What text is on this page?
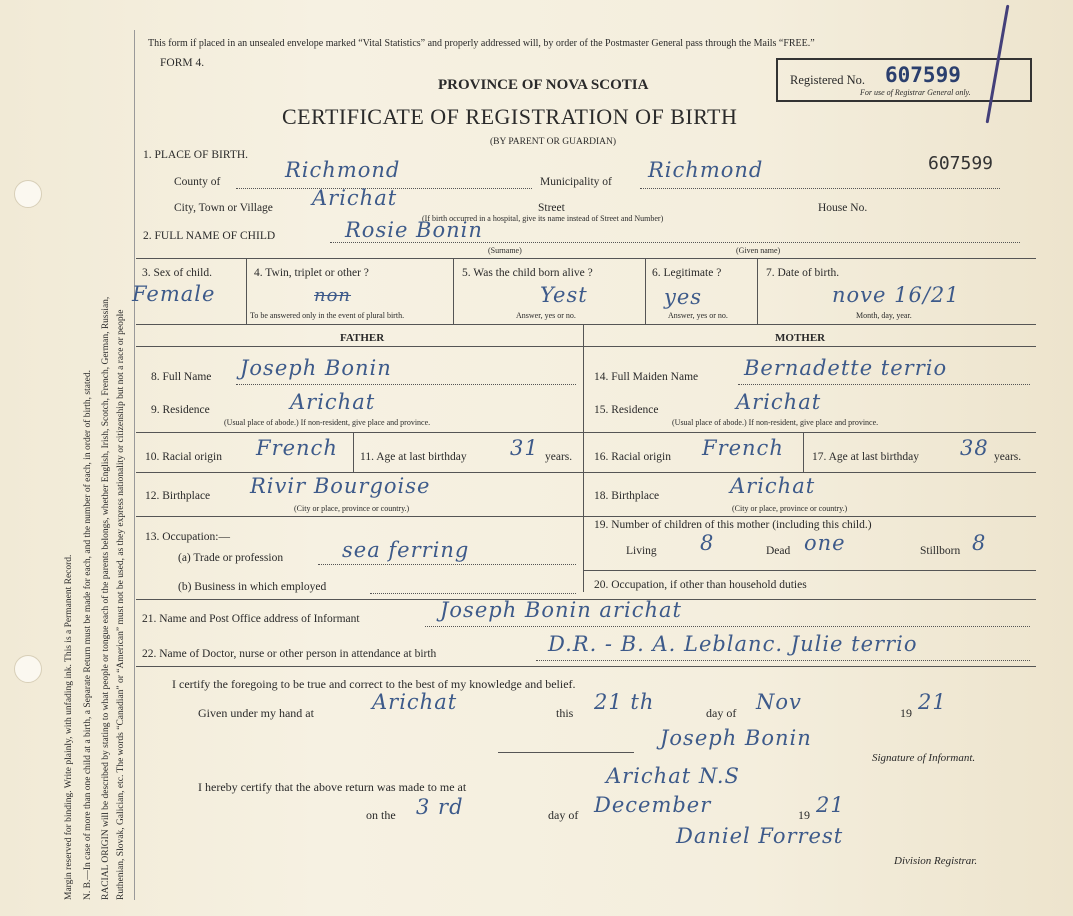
Margin reserved for binding. Write plainly, with unfading ink. This is a Permanent Record. N. B.—In case of more than one child at a birth, a Separate Return must be made for each, and the number of each, in order of birth, stated. RACIAL ORIGIN will be described by stating to what people or tongue each of the parents belongs, whether English, Irish, Scotch, French, German, Russian, Ruthenian, Slovak, Galician, etc. The words “Canadian” or “American” must not be used, as they express nationality or citizenship but not a race or people
This form if placed in an unsealed envelope marked “Vital Statistics” and properly addressed will, by order of the Postmaster General pass through the Mails “FREE.”
FORM 4.
PROVINCE OF NOVA SCOTIA
CERTIFICATE OF REGISTRATION OF BIRTH
(BY PARENT OR GUARDIAN)
Registered No. 607599
For use of Registrar General only.
607599
1. PLACE OF BIRTH.
County of	Richmond	Municipality of Richmond
City, Town or Village Arichat	Street	House No.
(If birth occurred in a hospital, give its name instead of Street and Number)
2. FULL NAME OF CHILD	Rosie Bonin
(Surname)	(Given name)
3. Sex of child.
Female
4. Twin, triplet or other ?
non
To be answered only in the event of plural birth.
5. Was the child born alive ?
Yest
Answer, yes or no.
6. Legitimate ?
yes
Answer, yes or no.
7. Date of birth.
nove 16/21
Month, day, year.
FATHER	MOTHER
8. Full Name Joseph Bonin
9. Residence	Arichat
(Usual place of abode.) If non-resident, give place and province.
10. Racial origin French 11. Age at last birthday 31 years.
12. Birthplace Rivir Bourgoise
(City or place, province or country.)
13. Occupation:—
(a) Trade or profession	sea ferring
(b) Business in which employed
14. Full Maiden Name Bernadette terrio
15. Residence	Arichat
(Usual place of abode.) If non-resident, give place and province.
16. Racial origin French 17. Age at last birthday 38 years.
18. Birthplace	Arichat
(City or place, province or country.)
19. Number of children of this mother (including this child.)
Living 8	Dead one	Stillborn 8
20. Occupation, if other than household duties
21. Name and Post Office address of Informant	Joseph Bonin arichat
22. Name of Doctor, nurse or other person in attendance at birth	D.R. - B. A. Leblanc. Julie terrio
I certify the foregoing to be true and correct to the best of my knowledge and belief.
Given under my hand at	Arichat	this 21 th	day of Nov	19 21
Joseph Bonin
Signature of Informant.
I hereby certify that the above return was made to me at	Arichat N.S
on the 3 rd	day of December	19 21
Daniel Forrest
Division Registrar.
